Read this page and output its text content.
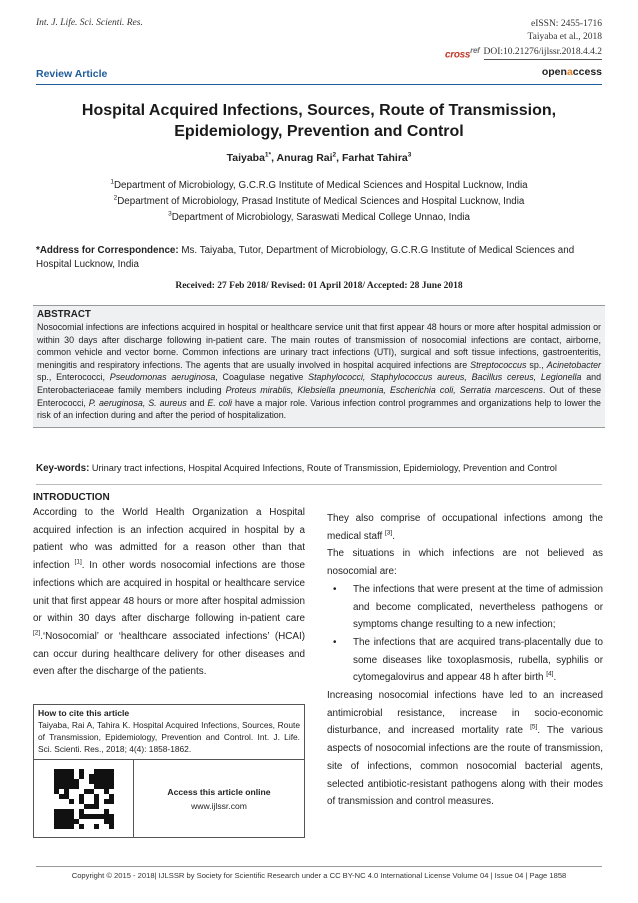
Int. J. Life. Sci. Scienti. Res.	eISSN: 2455-1716
Taiyaba et al., 2018
cross$^{ref}$ DOI:10.21276/ijlssr.2018.4.4.2
Review Article	openaccess
Hospital Acquired Infections, Sources, Route of Transmission,
Epidemiology, Prevention and Control
Taiyaba$^{1*}$, Anurag Rai$^2$, Farhat Tahira$^3$
$^1$Department of Microbiology, G.C.R.G Institute of Medical Sciences and Hospital Lucknow, India
$^2$Department of Microbiology, Prasad Institute of Medical Sciences and Hospital Lucknow, India
$^3$Department of Microbiology, Saraswati Medical College Unnao, India
*Address for Correspondence: Ms. Taiyaba, Tutor, Department of Microbiology, G.C.R.G Institute of Medical Sciences and Hospital Lucknow, India
Received: 27 Feb 2018/ Revised: 01 April 2018/ Accepted: 28 June 2018
ABSTRACT

Nosocomial infections are infections acquired in hospital or healthcare service unit that first appear 48 hours or more after hospital admission or within 30 days after discharge following in-patient care. The main routes of transmission of nosocomial infections are contact, airborne, common vehicle and vector borne. Common infections are urinary tract infections (UTI), surgical and soft tissue infections, gastroenteritis, meningitis and respiratory infections. The agents that are usually involved in hospital acquired infections are Streptococcus sp., Acinetobacter sp., Enterococci, Pseudomonas aeruginosa, Coagulase negative Staphylococci, Staphylococcus aureus, Bacillus cereus, Legionella and Enterobacteriaceae family members including Proteus mirablis, Klebsiella pneumonia, Escherichia coli, Serratia marcescens. Out of these Enterococci, P. aeruginosa, S. aureus and E. coli have a major role. Various infection control programmes and organizations help to lower the risk of an infection during and after the period of hospitalization.

Key-words: Urinary tract infections, Hospital Acquired Infections, Route of Transmission, Epidemiology, Prevention and Control
INTRODUCTION

According to the World Health Organization a Hospital acquired infection is an infection acquired in hospital by a patient who was admitted for a reason other than that infection [1]. In other words nosocomial infections are those infections which are acquired in hospital or healthcare service unit that first appear 48 hours or more after hospital admission or within 30 days after discharge following in-patient care [2].‘Nosocomial’ or ‘healthcare associated infections’ (HCAI) can occur during healthcare delivery for other diseases and even after the discharge of the patients.

How to cite this article

Taiyaba, Rai A, Tahira K. Hospital Acquired Infections, Sources, Route of Transmission, Epidemiology, Prevention and Control. Int. J. Life. Sci. Scienti. Res., 2018; 4(4): 1858-1862.

Access this article online
www.ijlssr.com

They also comprise of occupational infections among the medical staff [3].

The situations in which infections are not believed as nosocomial are:

• The infections that were present at the time of admission and become complicated, nevertheless pathogens or symptoms change resulting to a new infection;
• The infections that are acquired trans-placentally due to some diseases like toxoplasmosis, rubella, syphilis or cytomegalovirus and appear 48 h after birth [4].

Increasing nosocomial infections have led to an increased antimicrobial resistance, increase in socio-economic disturbance, and increased mortality rate [5]. The various aspects of nosocomial infections are the route of transmission, site of infections, common nosocomial bacterial agents, selected antibiotic-resistant pathogens along with their modes of transmission and control measures.

Copyright © 2015 - 2018| IJLSSR by Society for Scientific Research under a CC BY-NC 4.0 International License Volume 04 | Issue 04 | Page 1858
